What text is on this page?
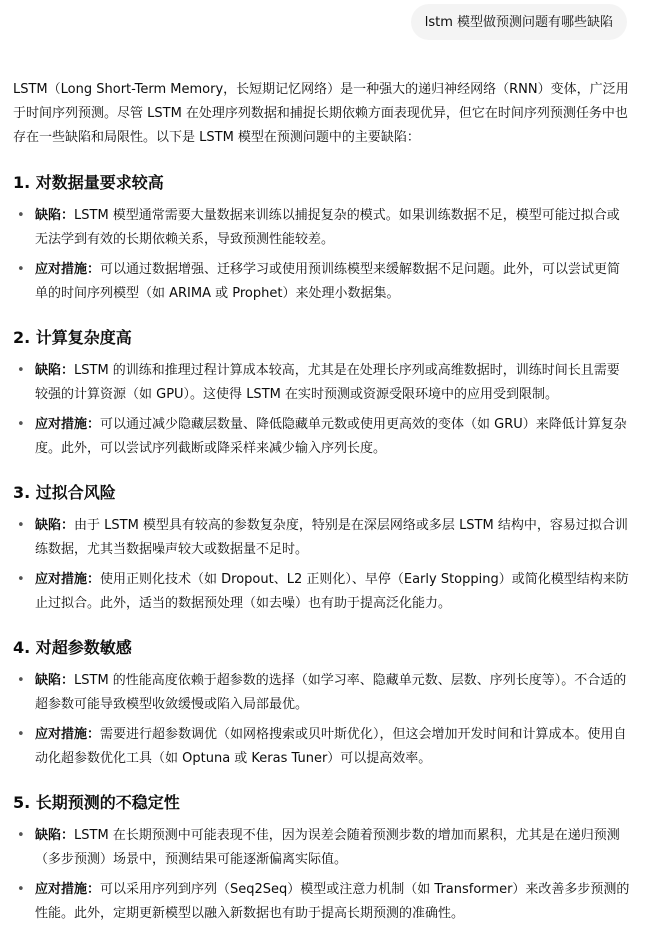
lstm 模型做预测问题有哪些缺陷

LSTM（Long Short-Term Memory，长短期记忆网络）是一种强大的递归神经网络（RNN）变体，广泛用于时间序列预测。尽管 LSTM 在处理序列数据和捕捉长期依赖方面表现优异，但它在时间序列预测任务中也存在一些缺陷和局限性。以下是 LSTM 模型在预测问题中的主要缺陷：

1. 对数据量要求较高
• 缺陷：LSTM 模型通常需要大量数据来训练以捕捉复杂的模式。如果训练数据不足，模型可能过拟合或无法学到有效的长期依赖关系，导致预测性能较差。
• 应对措施：可以通过数据增强、迁移学习或使用预训练模型来缓解数据不足问题。此外，可以尝试更简单的时间序列模型（如 ARIMA 或 Prophet）来处理小数据集。
2. 计算复杂度高
• 缺陷：LSTM 的训练和推理过程计算成本较高，尤其是在处理长序列或高维数据时，训练时间长且需要较强的计算资源（如 GPU）。这使得 LSTM 在实时预测或资源受限环境中的应用受到限制。
• 应对措施：可以通过减少隐藏层数量、降低隐藏单元数或使用更高效的变体（如 GRU）来降低计算复杂度。此外，可以尝试序列截断或降采样来减少输入序列长度。
3. 过拟合风险
• 缺陷：由于 LSTM 模型具有较高的参数复杂度，特别是在深层网络或多层 LSTM 结构中，容易过拟合训练数据，尤其当数据噪声较大或数据量不足时。
• 应对措施：使用正则化技术（如 Dropout、L2 正则化）、早停（Early Stopping）或简化模型结构来防止过拟合。此外，适当的数据预处理（如去噪）也有助于提高泛化能力。
4. 对超参数敏感
• 缺陷：LSTM 的性能高度依赖于超参数的选择（如学习率、隐藏单元数、层数、序列长度等）。不合适的超参数可能导致模型收敛缓慢或陷入局部最优。
• 应对措施：需要进行超参数调优（如网格搜索或贝叶斯优化），但这会增加开发时间和计算成本。使用自动化超参数优化工具（如 Optuna 或 Keras Tuner）可以提高效率。
5. 长期预测的不稳定性
• 缺陷：LSTM 在长期预测中可能表现不佳，因为误差会随着预测步数的增加而累积，尤其是在递归预测（多步预测）场景中，预测结果可能逐渐偏离实际值。
• 应对措施：可以采用序列到序列（Seq2Seq）模型或注意力机制（如 Transformer）来改善多步预测的性能。此外，定期更新模型以融入新数据也有助于提高长期预测的准确性。
